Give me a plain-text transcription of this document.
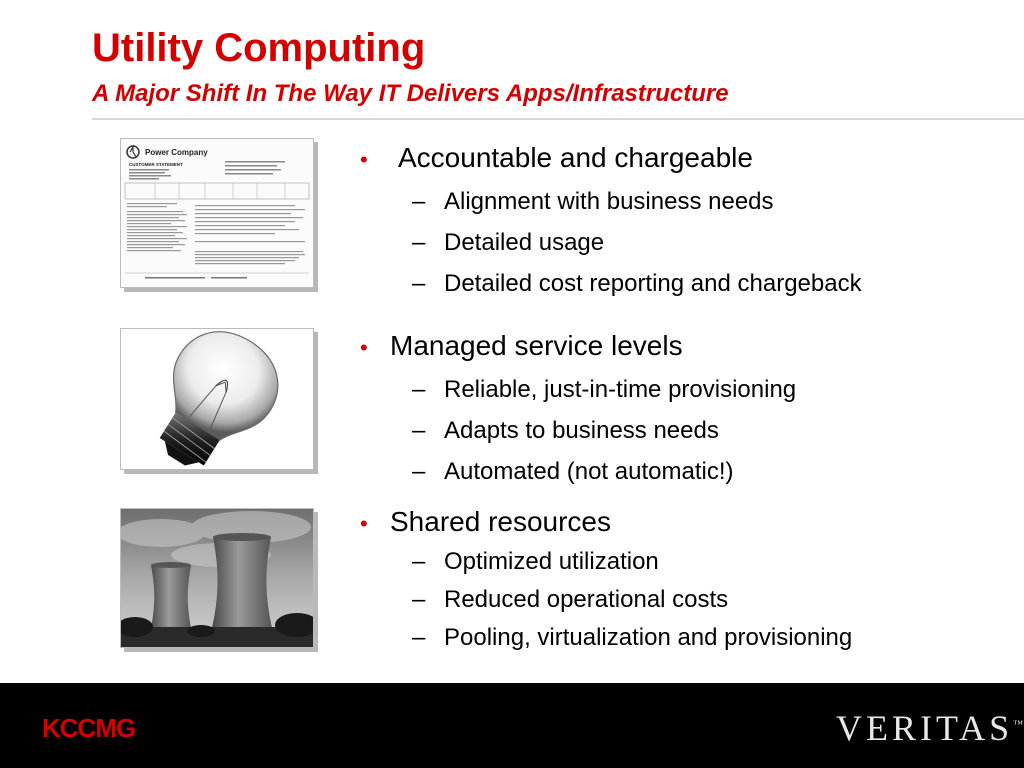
Utility Computing
A Major Shift In The Way IT Delivers Apps/Infrastructure
Power Company
CUSTOMER STATEMENT	•	Accountable and chargeable
– Alignment with business needs
– Detailed usage
– Detailed cost reporting and chargeback
• Managed service levels
– Reliable, just-in-time provisioning
– Adapts to business needs
– Automated (not automatic!)
• Shared resources
– Optimized utilization
– Reduced operational costs
– Pooling, virtualization and provisioning
KCCMG	VERITAS™
